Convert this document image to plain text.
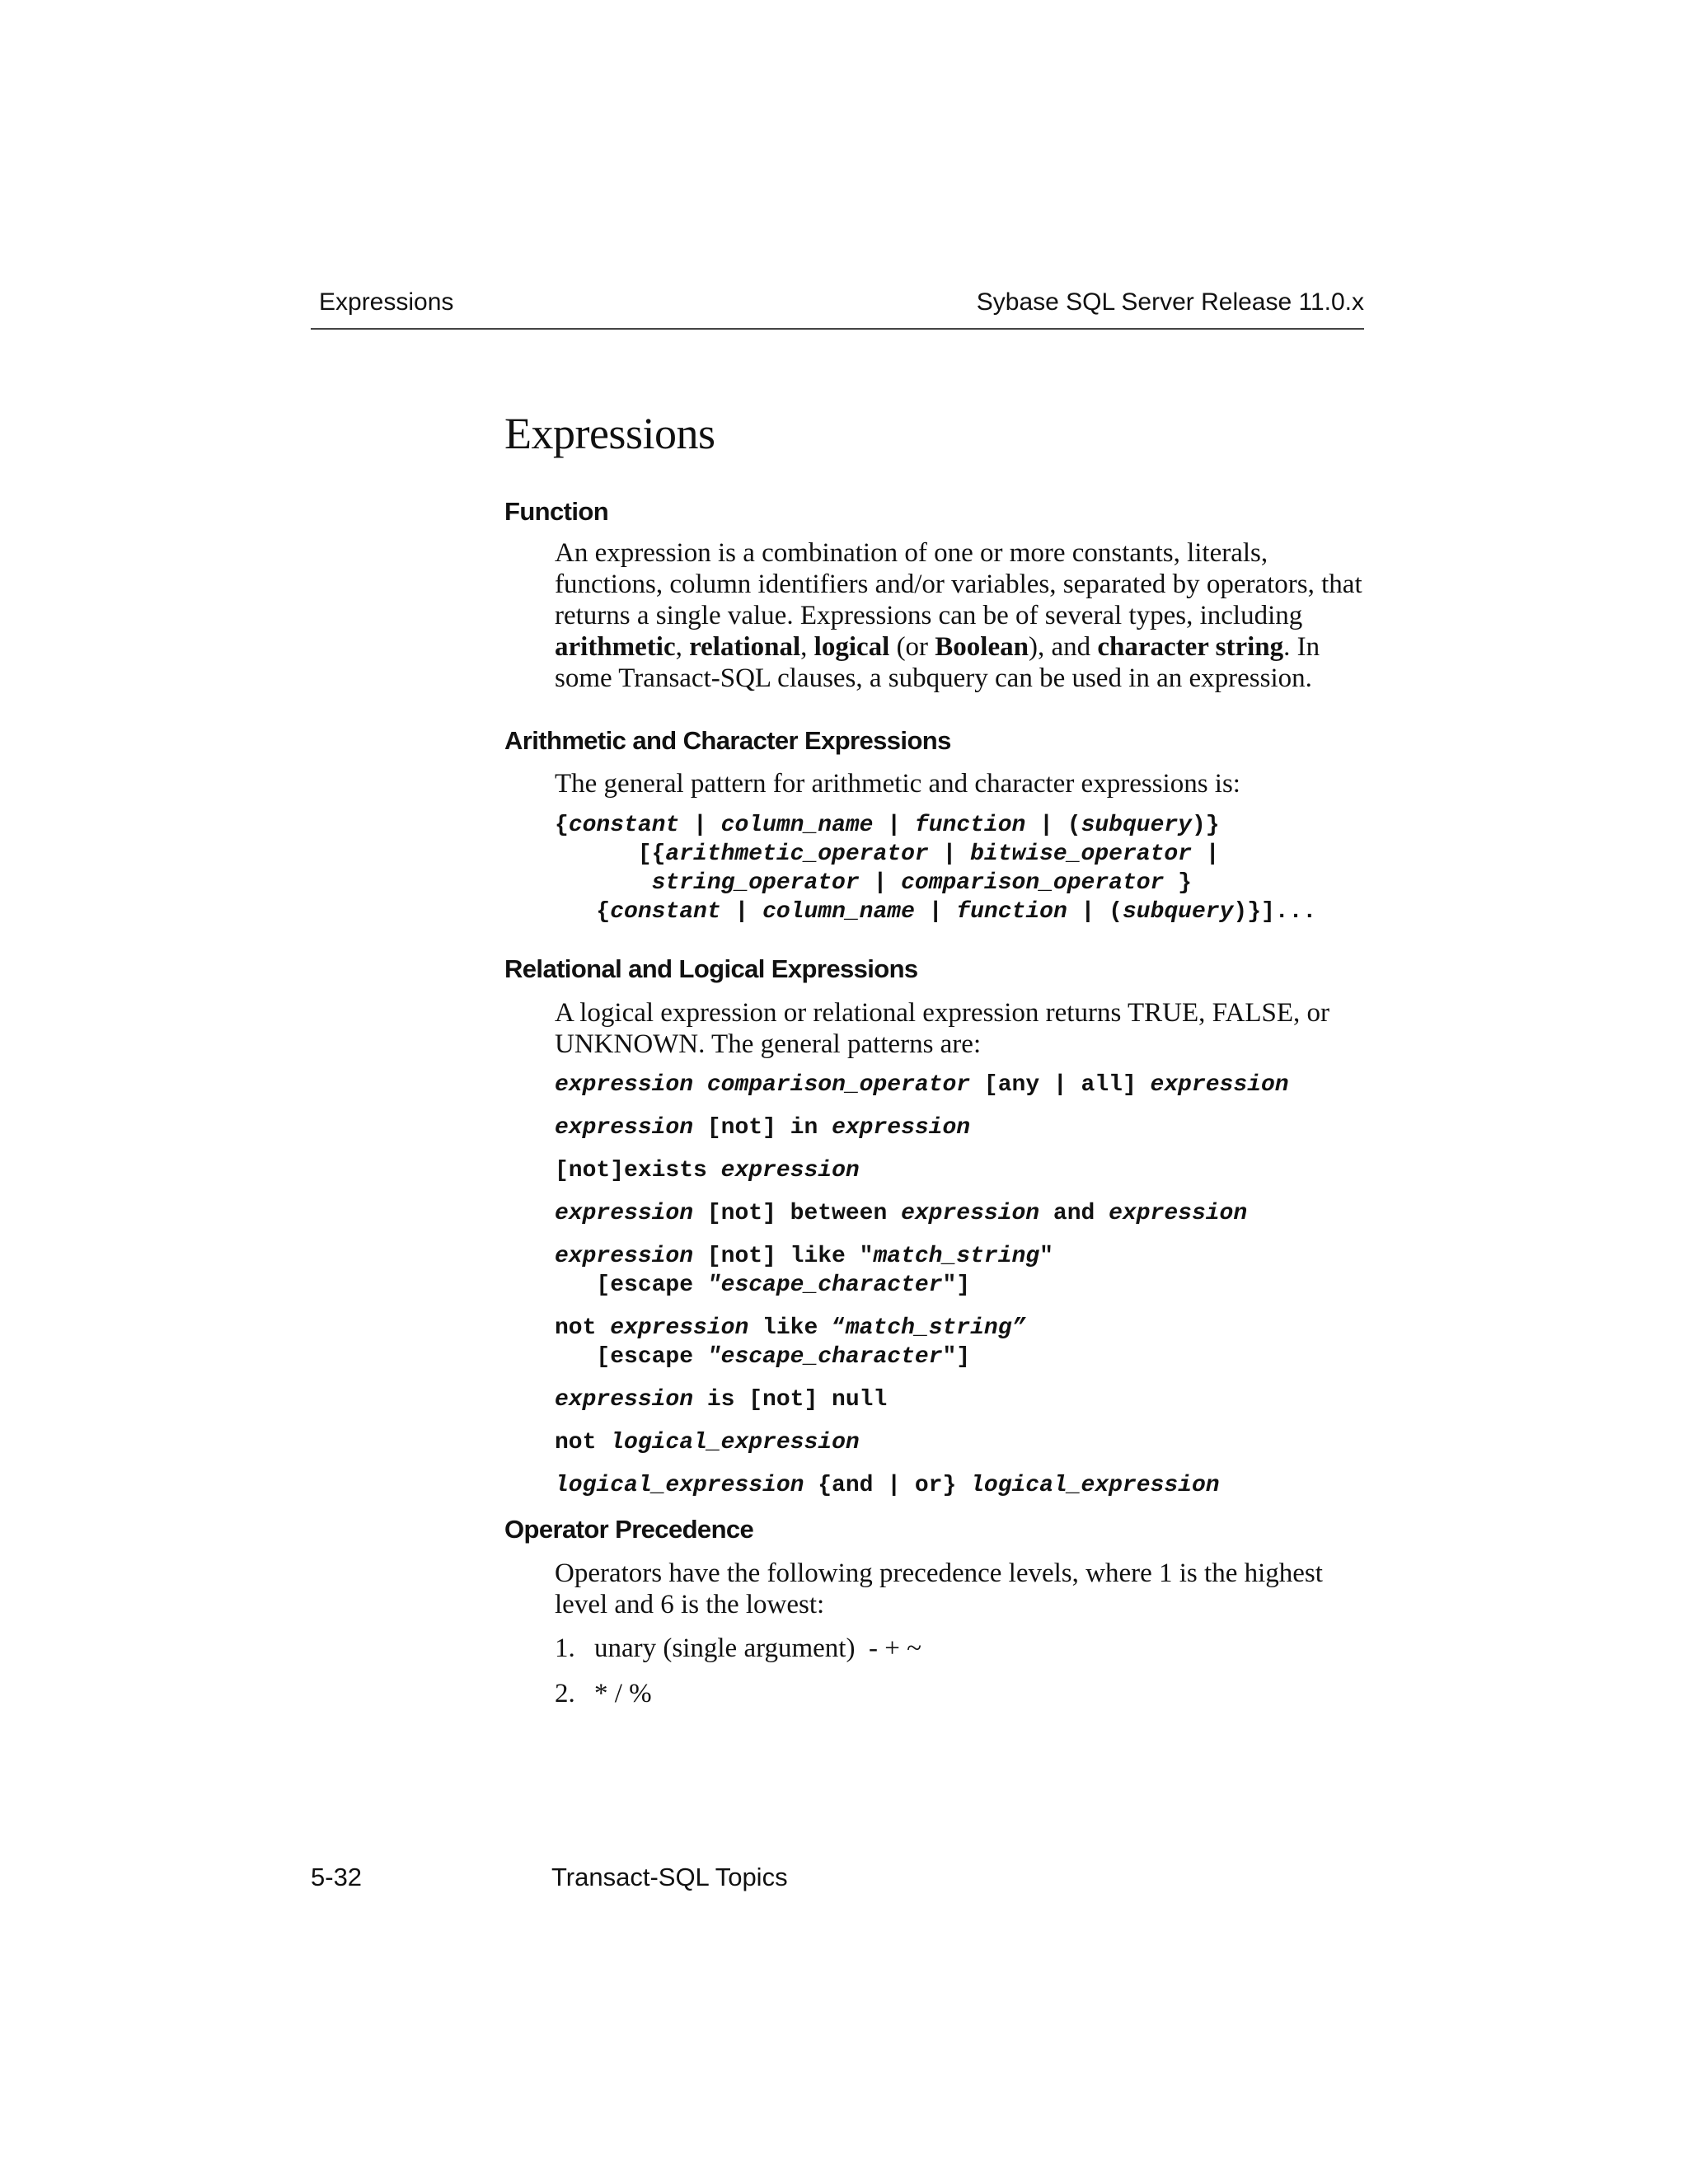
Expressions	Sybase SQL Server Release 11.0.x
Expressions
Function

An expression is a combination of one or more constants, literals, functions, column identifiers and/or variables, separated by operators, that returns a single value. Expressions can be of several types, including arithmetic, relational, logical (or Boolean), and character string. In some Transact-SQL clauses, a subquery can be used in an expression.

Arithmetic and Character Expressions

The general pattern for arithmetic and character expressions is:

{constant | column_name | function | (subquery)}
[{arithmetic_operator | bitwise_operator |
string_operator | comparison_operator }
{constant | column_name | function | (subquery)}]...
Relational and Logical Expressions

A logical expression or relational expression returns TRUE, FALSE, or UNKNOWN. The general patterns are:

expression comparison_operator [any | all] expression
expression [not] in expression
[not]exists expression
expression [not] between expression and expression
expression [not] like "match_string"
[escape "escape_character"]
not expression like “match_string”
[escape "escape_character"]
expression is [not] null
not logical_expression
logical_expression {and | or} logical_expression
Operator Precedence

Operators have the following precedence levels, where 1 is the highest level and 6 is the lowest:

1. unary (single argument)  - + ~
2. * / %
5-32	Transact-SQL Topics
